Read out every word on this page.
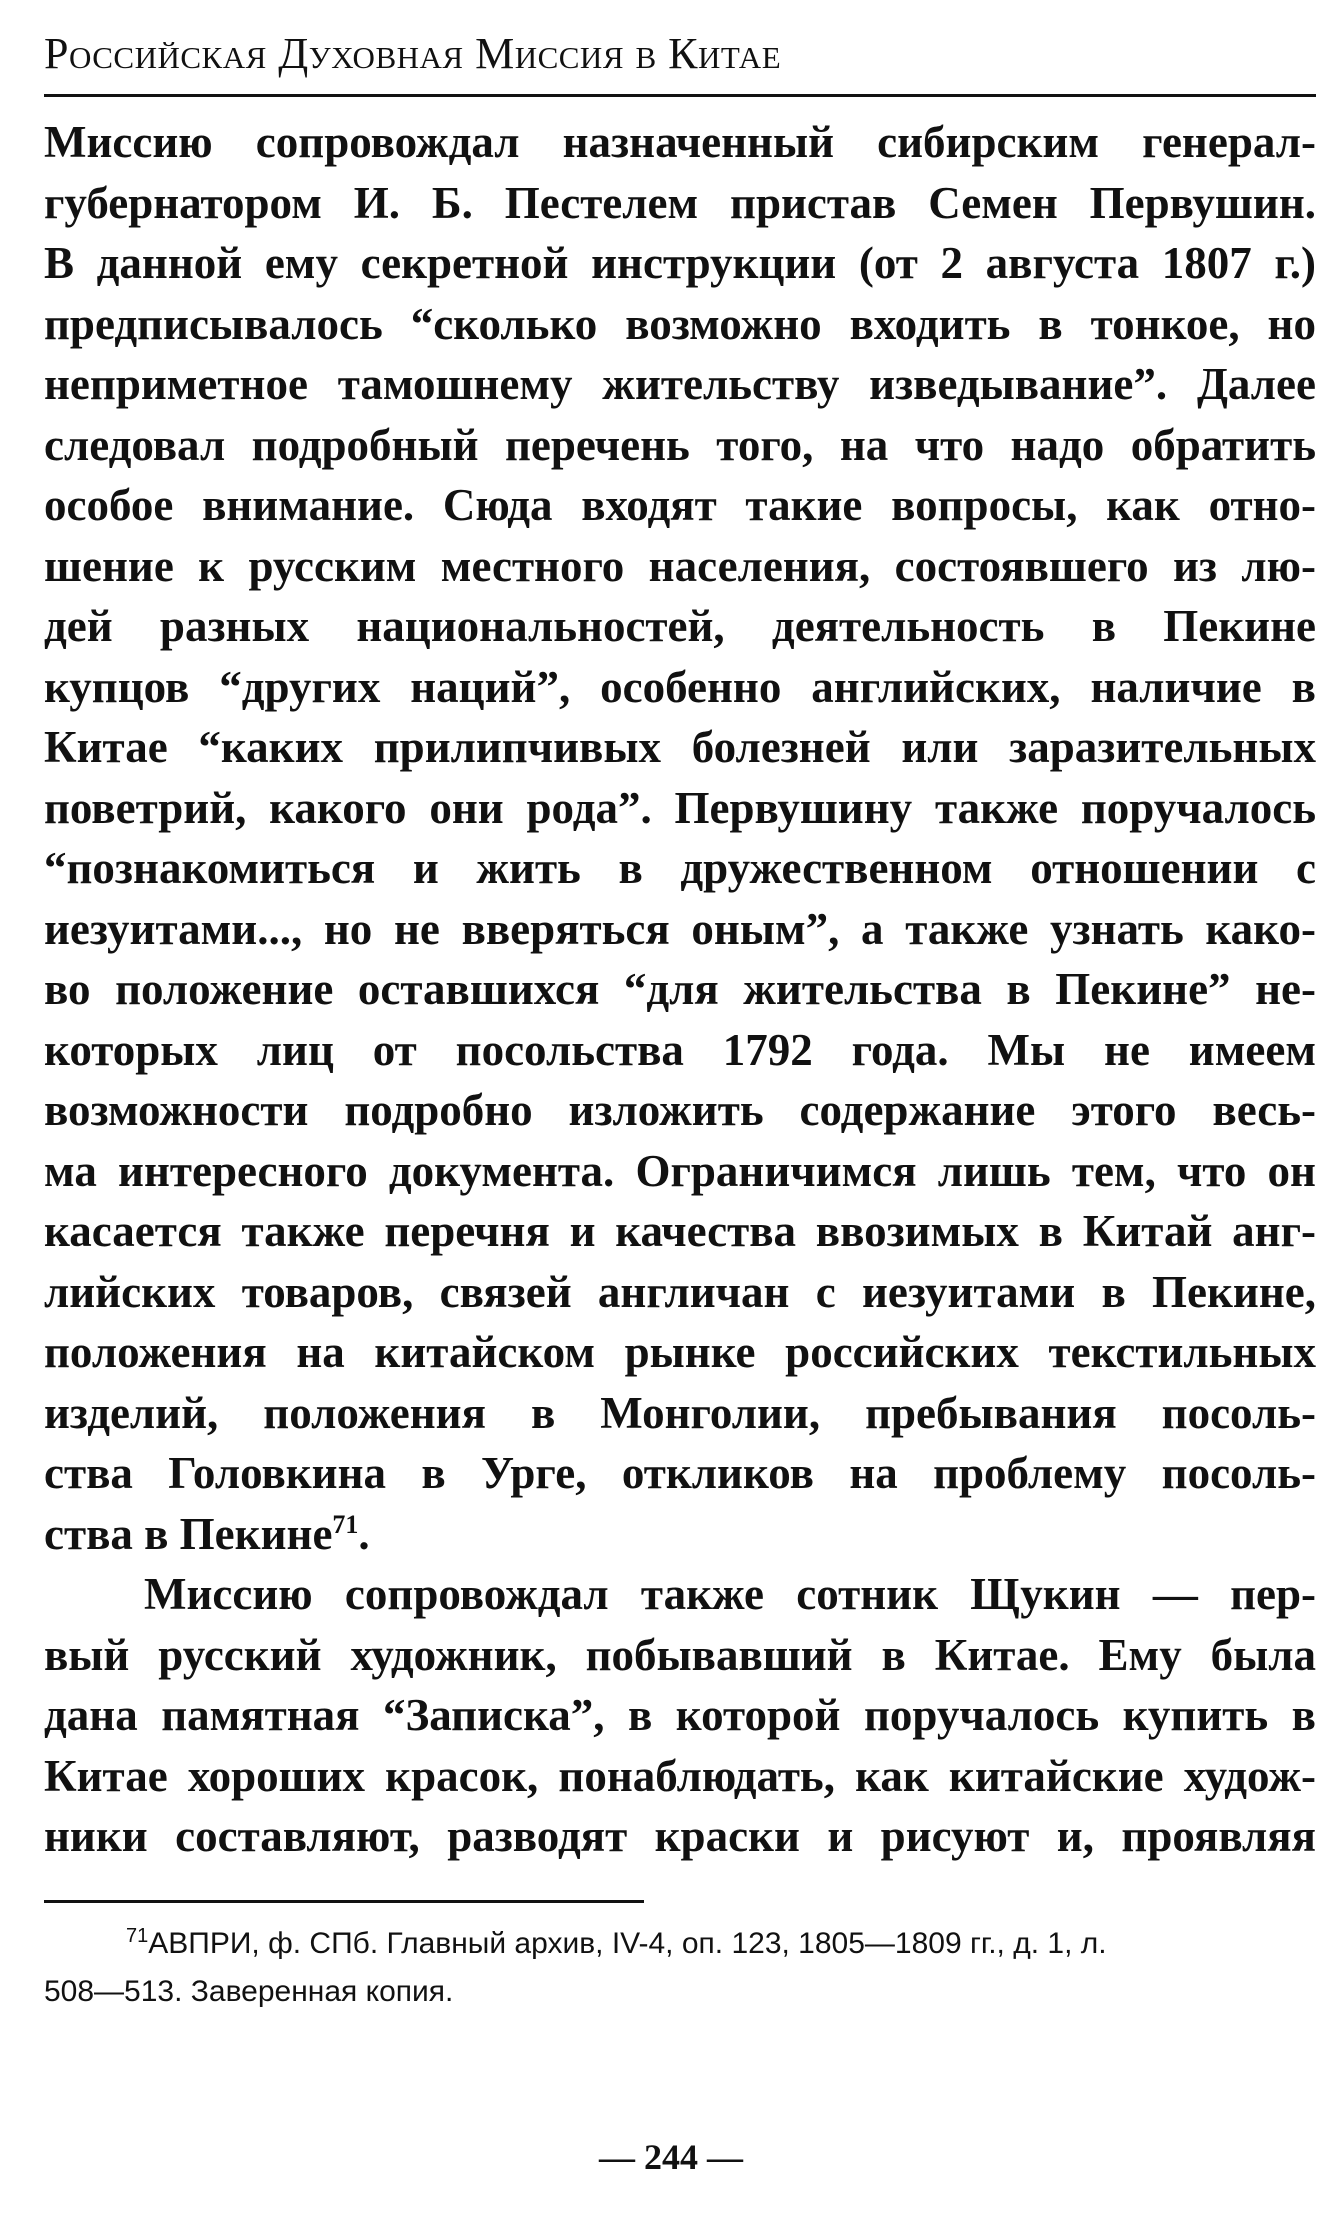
Российская Духовная Миссия в Китае
Миссию сопровождал назначенный сибирским генерал-
губернатором И. Б. Пестелем пристав Семен Первушин.
В данной ему секретной инструкции (от 2 августа 1807 г.)
предписывалось “сколько возможно входить в тонкое, но
неприметное тамошнему жительству изведывание”. Далее
следовал подробный перечень того, на что надо обратить
особое внимание. Сюда входят такие вопросы, как отно-
шение к русским местного населения, состоявшего из лю-
дей разных национальностей, деятельность в Пекине
купцов “других наций”, особенно английских, наличие в
Китае “каких прилипчивых болезней или заразительных
поветрий, какого они рода”. Первушину также поручалось
“познакомиться и жить в дружественном отношении с
иезуитами..., но не вверяться оным”, а также узнать како-
во положение оставшихся “для жительства в Пекине” не-
которых лиц от посольства 1792 года. Мы не имеем
возможности подробно изложить содержание этого весь-
ма интересного документа. Ограничимся лишь тем, что он
касается также перечня и качества ввозимых в Китай анг-
лийских товаров, связей англичан с иезуитами в Пекине,
положения на китайском рынке российских текстильных
изделий, положения в Монголии, пребывания посоль-
ства Головкина в Урге, откликов на проблему посоль-
ства в Пекине$^{71}$.
Миссию сопровождал также сотник Щукин — пер-
вый русский художник, побывавший в Китае. Ему была
дана памятная “Записка”, в которой поручалось купить в
Китае хороших красок, понаблюдать, как китайские худож-
ники составляют, разводят краски и рисуют и, проявляя
$^{71}$АВПРИ, ф. СПб. Главный архив, IV-4, оп. 123, 1805—1809 гг., д. 1, л.
508—513. Заверенная копия.
— 244 —
